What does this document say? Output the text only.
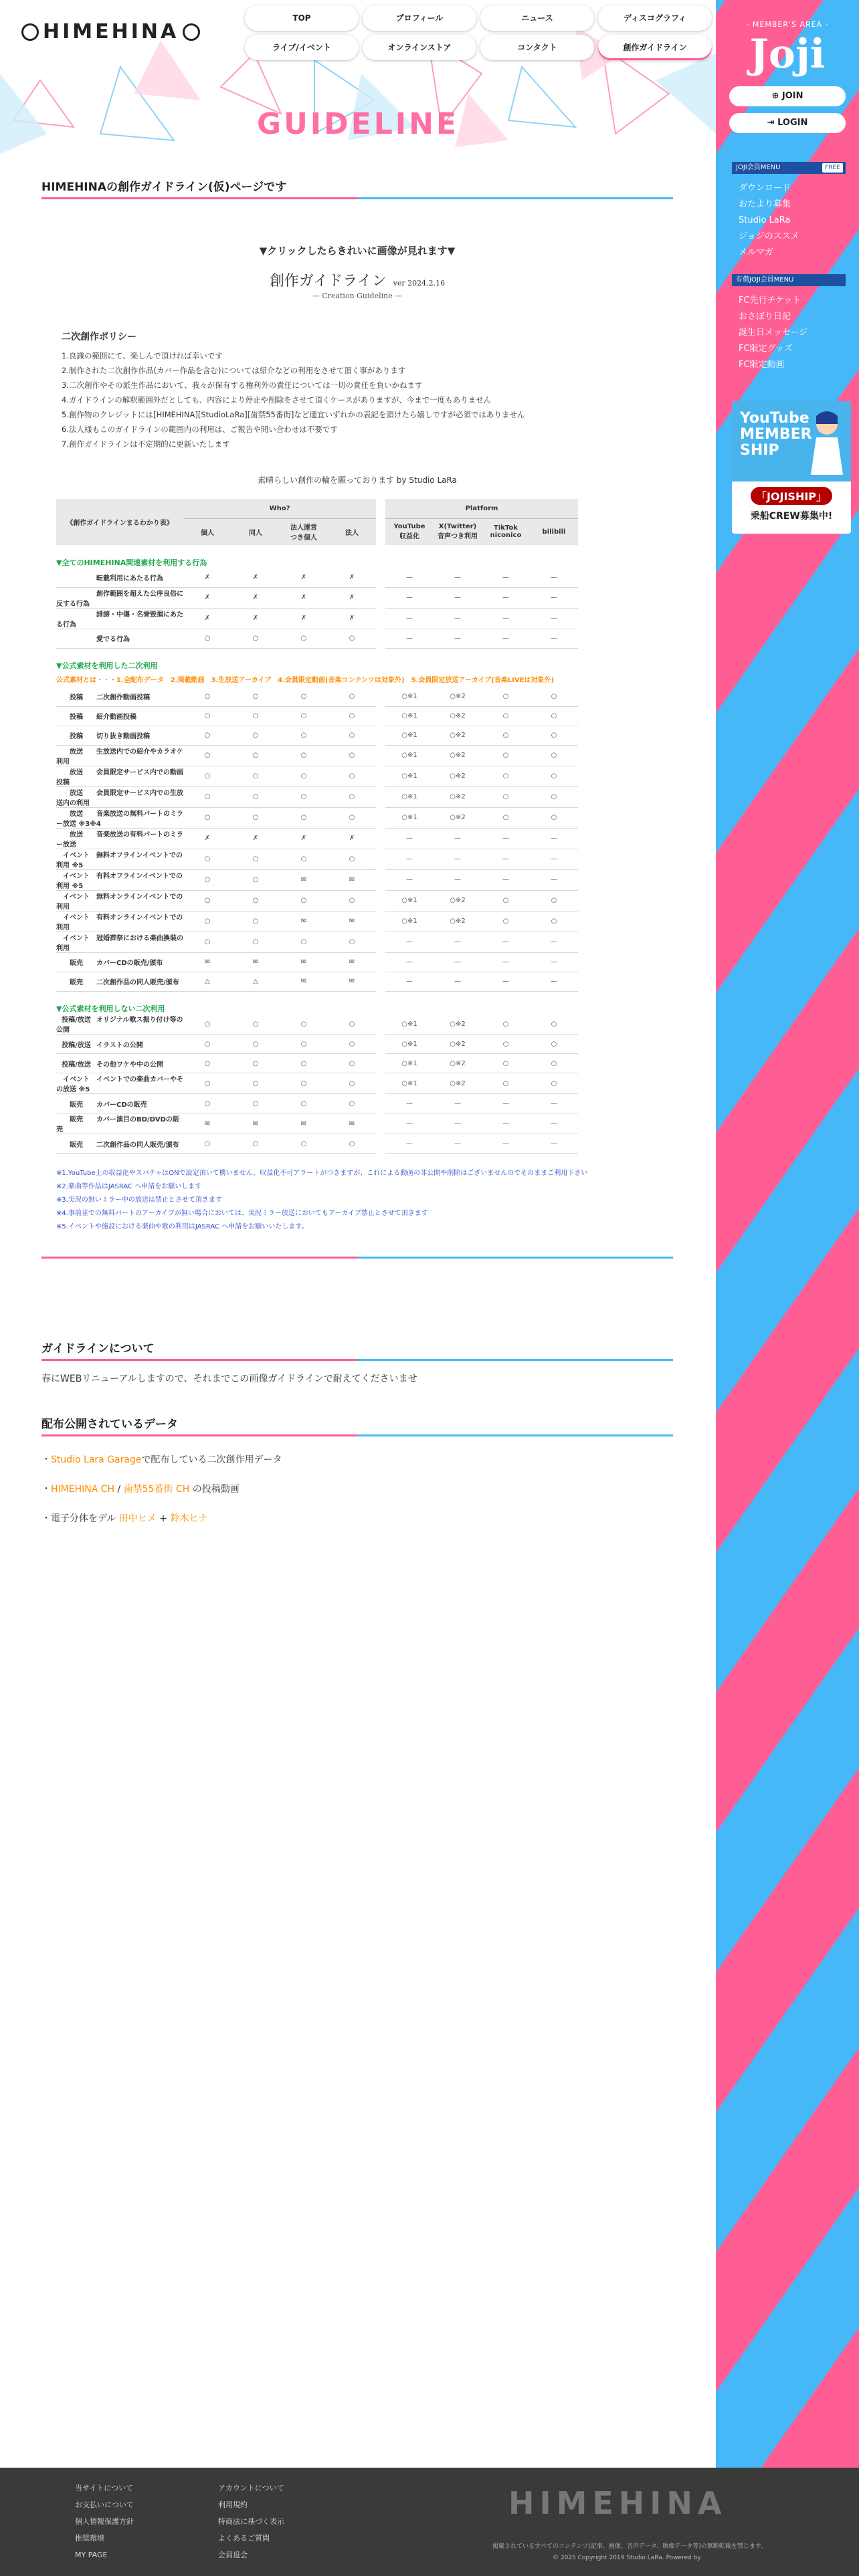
- MEMBER'S AREA -
Joji
⊕ JOIN
⇥ LOGIN
JOJI会員MENU	FREE
ダウンロード
おたより募集
Studio LaRa
ジョジのススメ
メルマガ
有償JOJI会員MENU
FC先行チケット
おさぼり日記
誕生日メッセージ
FC限定グッズ
FC限定動画
YouTube MEMBER SHIP
「JOJISHIP」
乗船CREW募集中!
HIMEHINA
TOP	プロフィール	ニュース	ディスコグラフィ
ライブ/イベント	オンラインストア	コンタクト	創作ガイドライン
GUIDELINE
HIMEHINAの創作ガイドライン(仮)ページです
▼クリックしたらきれいに画像が見れます▼
創作ガイドライン ver 2024.2.16
— Creation Guideline —
二次創作ポリシー
1.良識の範囲にて、楽しんで頂ければ幸いです
2.制作された二次創作作品(カバー作品を含む)については紹介などの利用をさせて頂く事があります
3.二次創作やその派生作品において、我々が保有する権利外の責任については一切の責任を負いかねます
4.ガイドラインの解釈範囲外だとしても、内容により停止や削除をさせて頂くケースがありますが、今まで一度もありません
5.創作物のクレジットには[HIMEHINA][StudioLaRa][歯禁55番街]など適宜いずれかの表記を頂けたら嬉しですが必須ではありません
6.法人様もこのガイドラインの範囲内の利用は、ご報告や問い合わせは不要です
7.創作ガイドラインは不定期的に更新いたします
素晴らしい創作の輪を願っております by Studio LaRa
《創作ガイドラインまるわかり表》	Who?					Platform			
	個人	同人	法人運営
つき個人	法人		YouTube
収益化	X(Twitter)
音声つき利用	TikTok
niconico	bilibili
▼全てのHIMEHINA関連素材を利用する行為									
転載利用にあたる行為	✗	✗	✗	✗		—	—	—	—
創作範囲を超えた公序良俗に反する行為	✗	✗	✗	✗		—	—	—	—
誹謗・中傷・名誉毀損にあたる行為	✗	✗	✗	✗		—	—	—	—
愛でる行為	○	○	○	○		—	—	—	—
▼公式素材を利用した二次利用									
公式素材とは・・・1.全配布データ　2.掲載動画　3.生放送アーカイブ　4.会員限定動画(音楽コンテンツは対象外)　5.会員限定放送アーカイブ(音楽LIVEは対象外)									
投稿 二次創作動画投稿	○	○	○	○		○※1	○※2	○	○
投稿 紹介動画投稿	○	○	○	○		○※1	○※2	○	○
投稿 切り抜き動画投稿	○	○	○	○		○※1	○※2	○	○
放送 生放送内での紹介やカラオケ利用	○	○	○	○		○※1	○※2	○	○
放送 会員限定サービス内での動画投稿	○	○	○	○		○※1	○※2	○	○
放送 会員限定サービス内での生放送内の利用	○	○	○	○		○※1	○※2	○	○
放送 音楽放送の無料パートのミラー放送 ※3※4	○	○	○	○		○※1	○※2	○	○
放送 音楽放送の有料パートのミラー放送	✗	✗	✗	✗		—	—	—	—
イベント 無料オフラインイベントでの利用 ※5	○	○	○	○		—	—	—	—
イベント 有料オフラインイベントでの利用 ※5	○	○	✉	✉		—	—	—	—
イベント 無料オンラインイベントでの利用	○	○	○	○		○※1	○※2	○	○
イベント 有料オンラインイベントでの利用	○	○	✉	✉		○※1	○※2	○	○
イベント 冠婚葬祭における楽曲換装の利用	○	○	○	○		—	—	—	—
販売 カバーCDの販売/頒布	✉	✉	✉	✉		—	—	—	—
販売 二次創作品の同人販売/頒布	△	△	✉	✉		—	—	—	—
▼公式素材を利用しない二次利用									
投稿/放送 オリジナル歌ス振り付け等の公開	○	○	○	○		○※1	○※2	○	○
投稿/放送 イラストの公開	○	○	○	○		○※1	○※2	○	○
投稿/放送 その他ワケや中の公開	○	○	○	○		○※1	○※2	○	○
イベント イベントでの楽曲カバーやその放送 ※5	○	○	○	○		○※1	○※2	○	○
販売 カバーCDの販売	○	○	○	○		—	—	—	—
販売 カバー演目のBD/DVDの販売	✉	✉	✉	✉		—	—	—	—
販売 二次創作品の同人販売/頒布	○	○	○	○		—	—	—	—
※1.YouTube上の収益化やスパチャはONで設定頂いて構いません。収益化不可アラートがつきますが、これによる動画の非公開や削除はございませんのでそのままご利用下さい
※2.楽曲等作品はJASRAC へ申請をお願いします
※3.実況の無いミラー中の放送は禁止とさせて頂きます
※4.事前並での無料パートのアーカイブが無い場合においては、実況ミラー放送においてもアーカイブ禁止とさせて頂きます
※5.イベントや施設における楽曲や歌の利用はJASRAC へ申請をお願いいたします。
ガイドラインについて
春にWEBリニューアルしますので、それまでこの画像ガイドラインで耐えてくださいませ
配布公開されているデータ
・Studio Lara Garageで配布している二次創作用データ
・HIMEHINA CH / 歯禁55番街 CH の投稿動画
・電子分体をデル 田中ヒメ + 鈴木ヒナ
当サイトについて
お支払いについて
個人情報保護方針
推奨環境
MY PAGE
アカウントについて
利用規約
特商法に基づく表示
よくあるご質問
会員退会
HIMEHINA
掲載されているすべてのコンテンツ(記事、画像、音声データ、映像データ等)の無断転載を禁じます。
© 2025 Copyright 2019 Studio LaRa. Powered by
